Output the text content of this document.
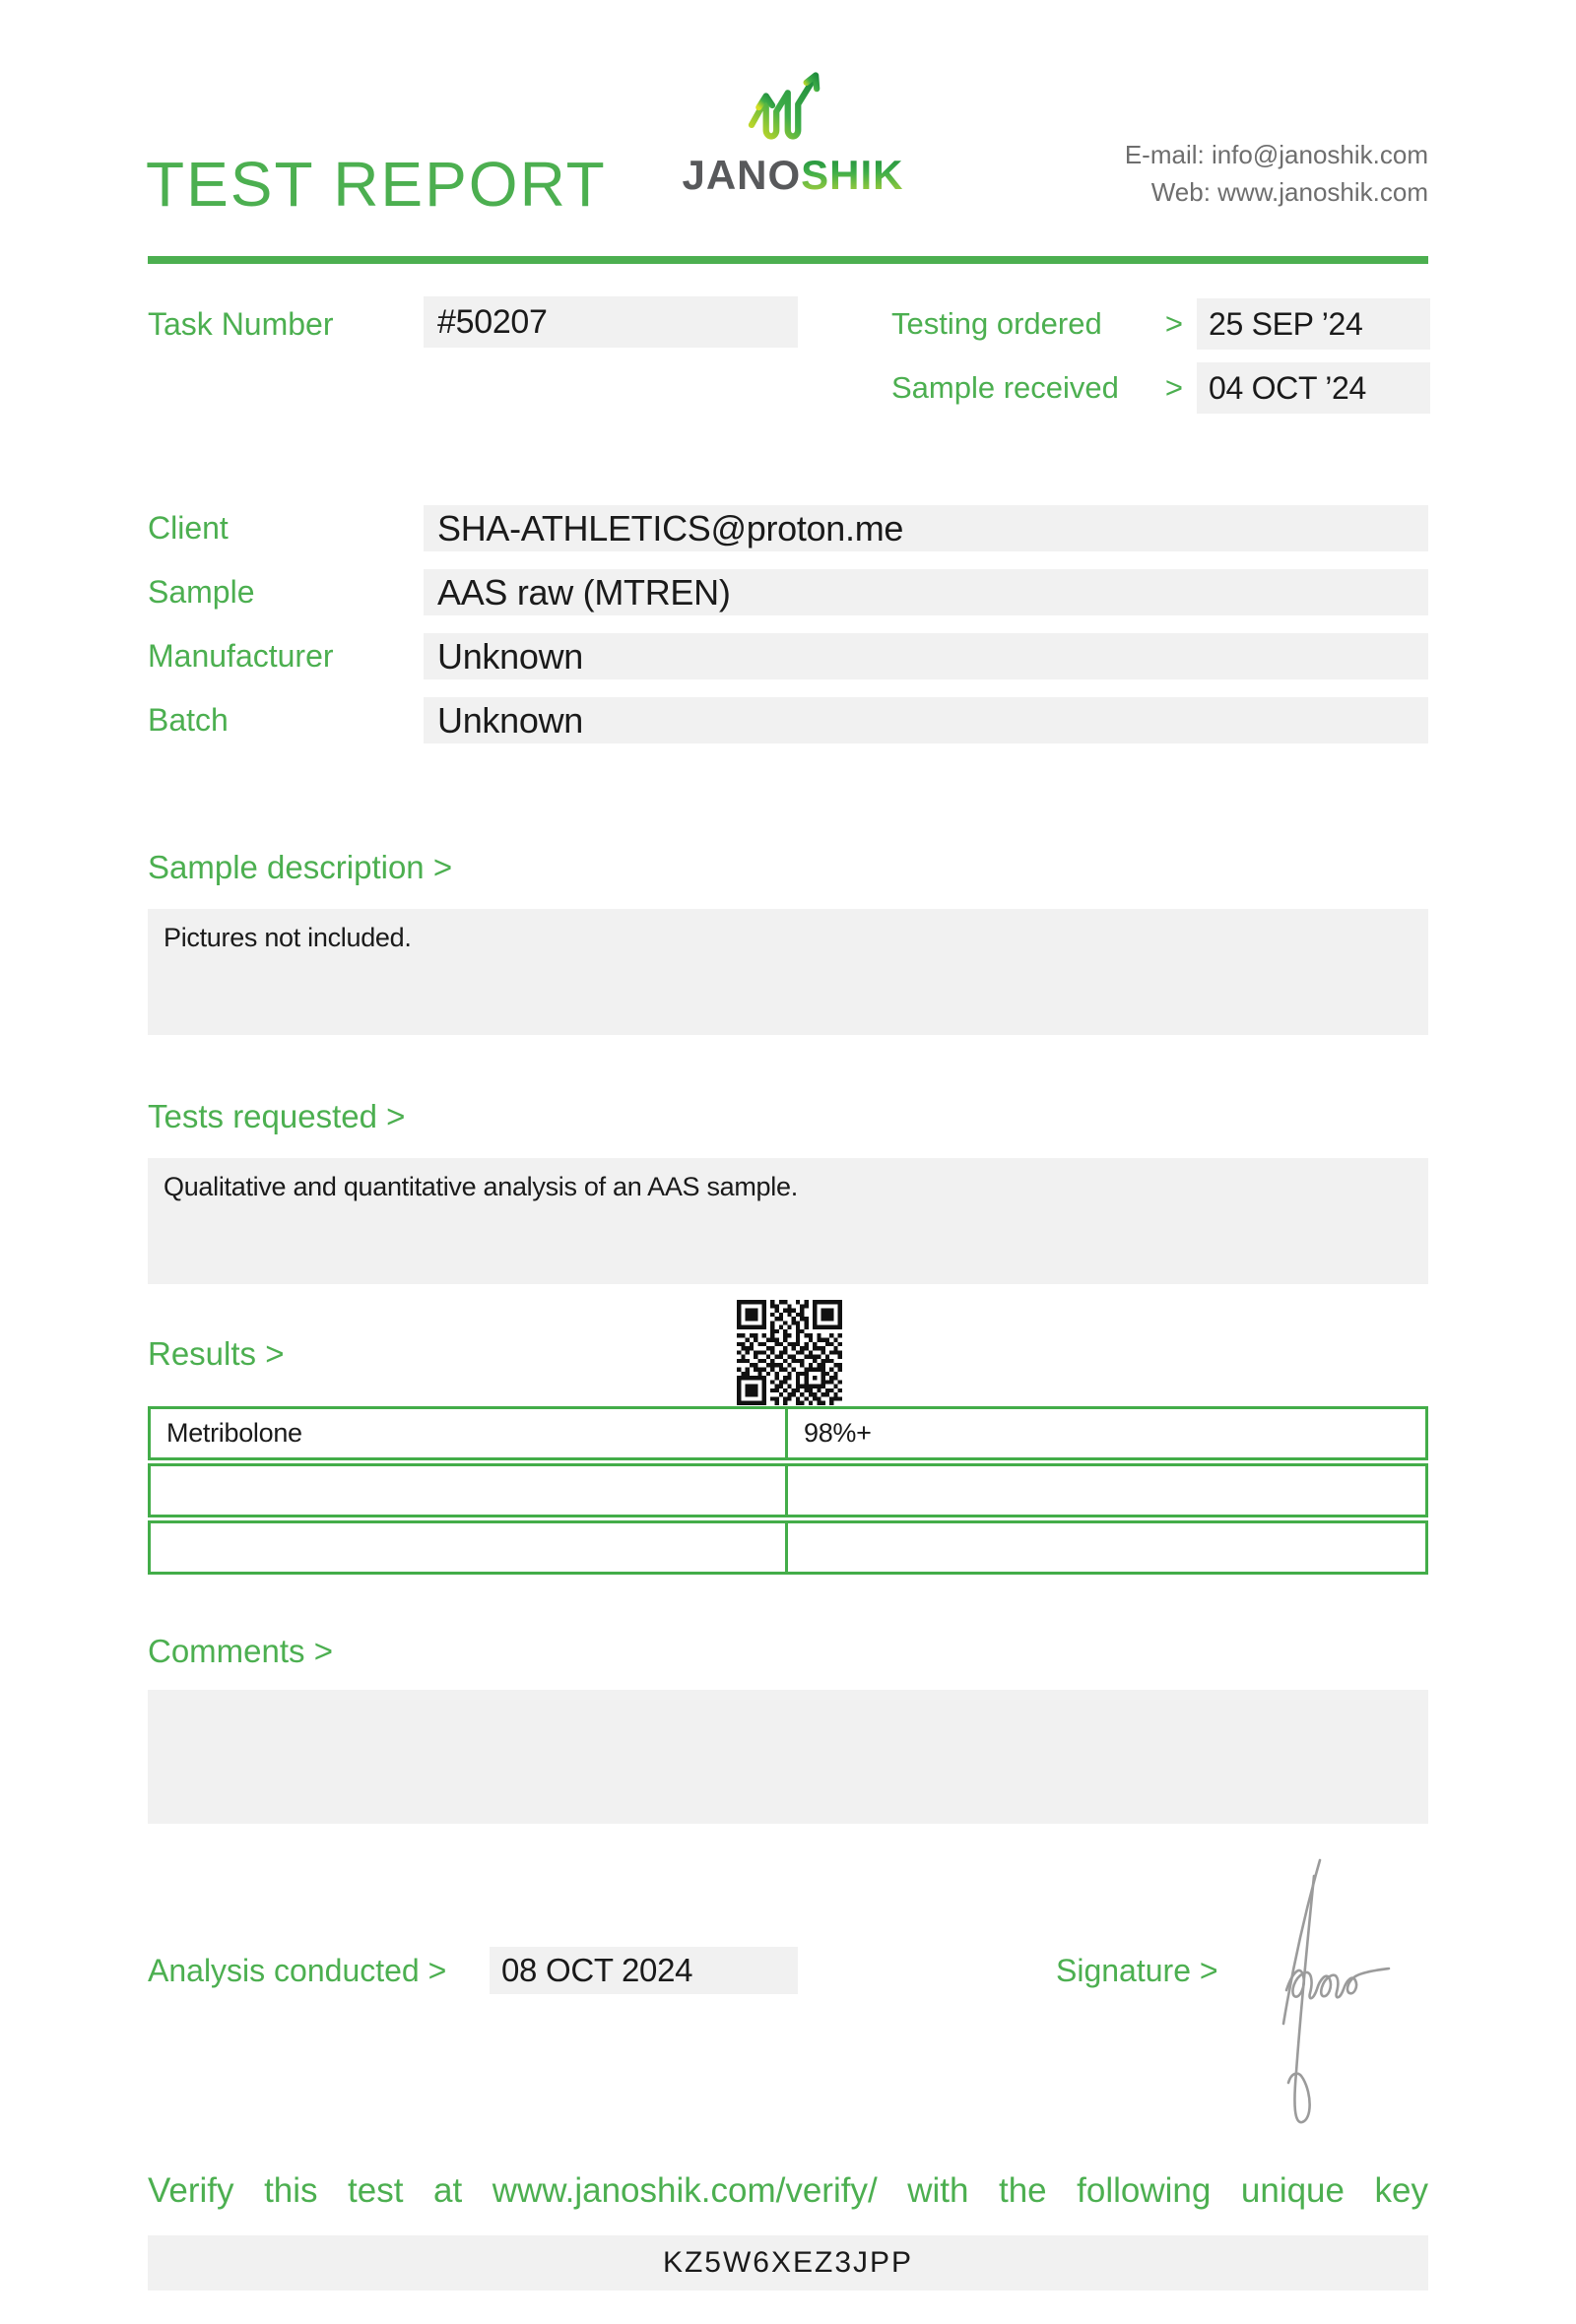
TEST REPORT JANOSHIK	E-mail: info@janoshik.com
Web: www.janoshik.com
Task Number	#50207	Testing ordered > 25 SEP ’24
Sample received > 04 OCT ’24
Client	SHA-ATHLETICS@proton.me
Sample	AAS raw (MTREN)
Manufacturer	Unknown
Batch	Unknown
Sample description >
Pictures not included.
Tests requested >
Qualitative and quantitative analysis of an AAS sample.
Results >
Metribolone	98%+
Comments >
Analysis conducted >	08 OCT 2024	Signature >
Verify this test at www.janoshik.com/verify/ with the following unique key
KZ5W6XEZ3JPP
